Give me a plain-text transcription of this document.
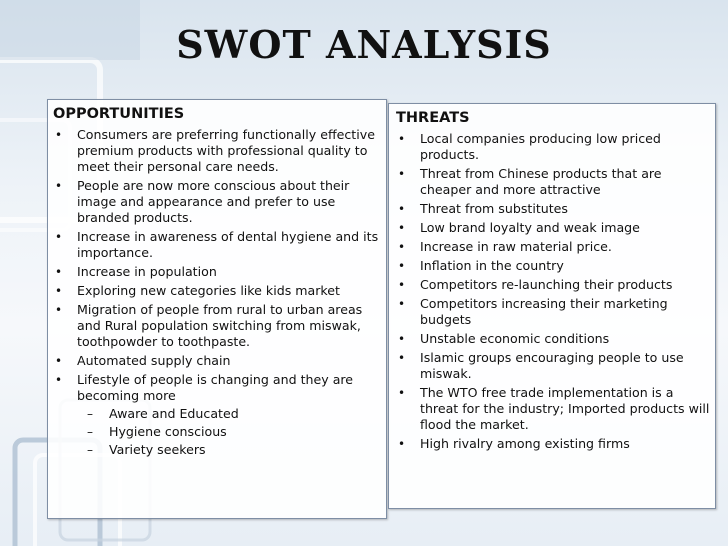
SWOT ANALYSIS
OPPORTUNITIES
• Consumers are preferring functionally effective premium products with professional quality to meet their personal care needs.
• People are now more conscious about their image and appearance and prefer to use branded products.
• Increase in awareness of dental hygiene and its importance.
• Increase in population
• Exploring new categories like kids market
• Migration of people from rural to urban areas and Rural population switching from miswak, toothpowder to toothpaste.
• Automated supply chain
• Lifestyle of people is changing and they are becoming more
– Aware and Educated
– Hygiene conscious
– Variety seekers
THREATS
• Local companies producing low priced products.
• Threat from Chinese products that are cheaper and more attractive
• Threat from substitutes
• Low brand loyalty and weak image
• Increase in raw material price.
• Inflation in the country
• Competitors re-launching their products
• Competitors increasing their marketing budgets
• Unstable economic conditions
• Islamic groups encouraging people to use miswak.
• The WTO free trade implementation is a threat for the industry; Imported products will flood the market.
• High rivalry among existing firms
